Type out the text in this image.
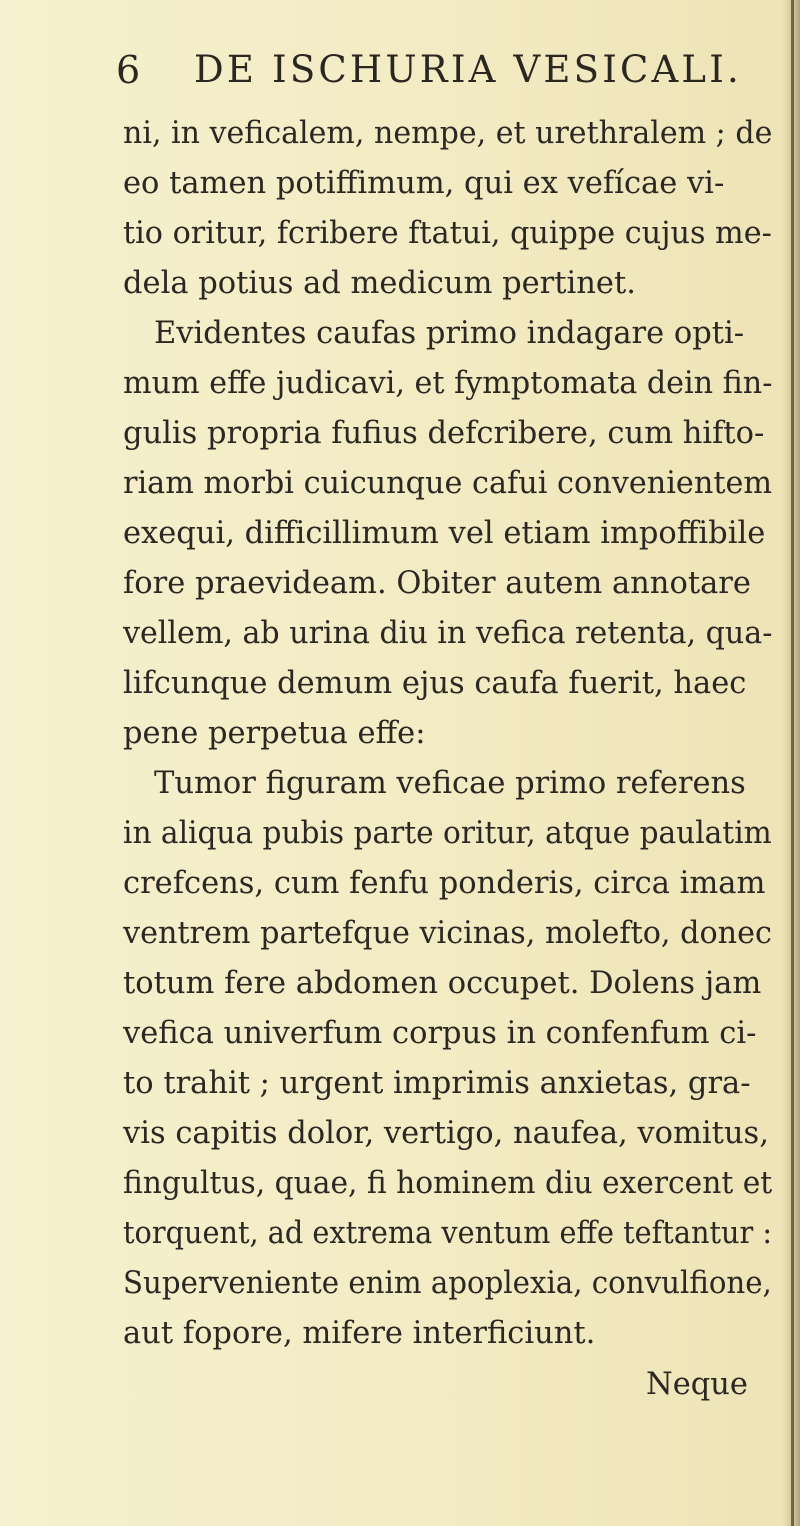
6 DE ISCHURIA VESICALI.
ni, in veficalem, nempe, et urethralem ; de
eo tamen potiffimum, qui ex vefícae vi-
tio oritur, fcribere ftatui, quippe cujus me-
dela potius ad medicum pertinet.
Evidentes caufas primo indagare opti-
mum effe judicavi, et fymptomata dein fin-
gulis propria fufius defcribere, cum hifto-
riam morbi cuicunque cafui convenientem
exequi, difficillimum vel etiam impoffibile
fore praevideam. Obiter autem annotare
vellem, ab urina diu in vefica retenta, qua-
lifcunque demum ejus caufa fuerit, haec
pene perpetua effe:
Tumor figuram veficae primo referens
in aliqua pubis parte oritur, atque paulatim
crefcens, cum fenfu ponderis, circa imam
ventrem partefque vicinas, molefto, donec
totum fere abdomen occupet. Dolens jam
vefica univerfum corpus in confenfum ci-
to trahit ; urgent imprimis anxietas, gra-
vis capitis dolor, vertigo, naufea, vomitus,
fingultus, quae, fi hominem diu exercent et
torquent, ad extrema ventum effe teftantur :
Superveniente enim apoplexia, convulfione,
aut fopore, mifere interficiunt.
Neque
